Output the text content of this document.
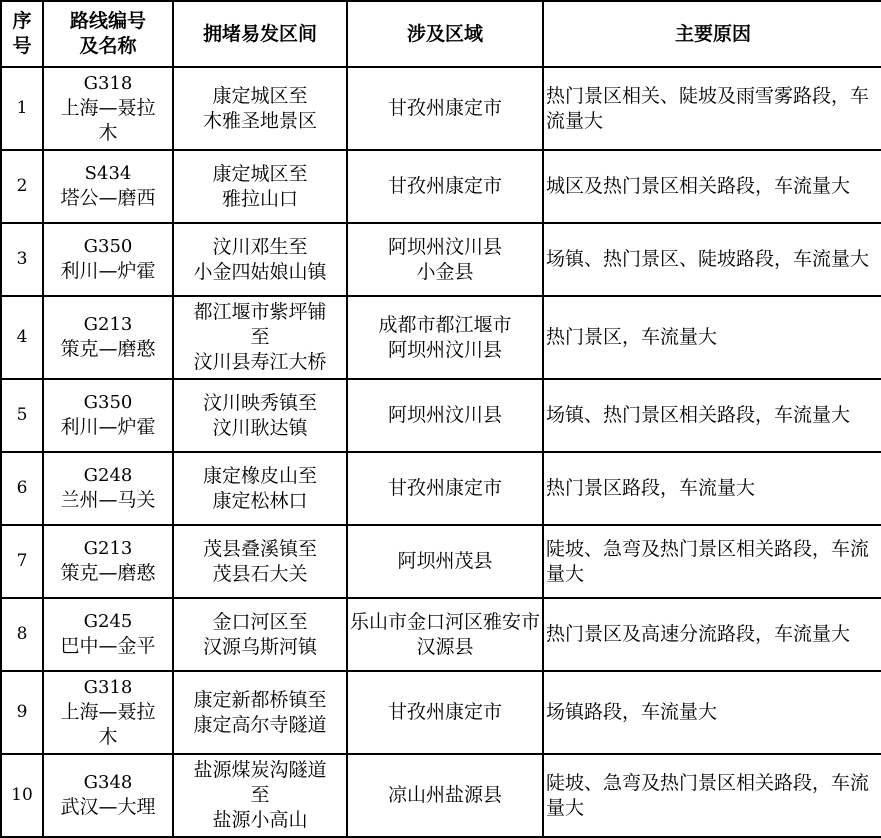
序
号	路线编号
及名称	拥堵易发区间	涉及区域	主要原因
1	G318
上海—聂拉
木	康定城区至
木雅圣地景区	甘孜州康定市	热门景区相关、陡坡及雨雪雾路段，车流量大
2	S434
塔公—磨西	康定城区至
雅拉山口	甘孜州康定市	城区及热门景区相关路段，车流量大
3	G350
利川—炉霍	汶川邓生至
小金四姑娘山镇	阿坝州汶川县
小金县	场镇、热门景区、陡坡路段，车流量大
4	G213
策克—磨憨	都江堰市紫坪铺
至
汶川县寿江大桥	成都市都江堰市
阿坝州汶川县	热门景区，车流量大
5	G350
利川—炉霍	汶川映秀镇至
汶川耿达镇	阿坝州汶川县	场镇、热门景区相关路段，车流量大
6	G248
兰州—马关	康定橡皮山至
康定松林口	甘孜州康定市	热门景区路段，车流量大
7	G213
策克—磨憨	茂县叠溪镇至
茂县石大关	阿坝州茂县	陡坡、急弯及热门景区相关路段，车流量大
8	G245
巴中—金平	金口河区至
汉源乌斯河镇	乐山市金口河区雅安市汉源县	热门景区及高速分流路段，车流量大
9	G318
上海—聂拉
木	康定新都桥镇至
康定高尔寺隧道	甘孜州康定市	场镇路段，车流量大
10	G348
武汉—大理	盐源煤炭沟隧道
至
盐源小高山	凉山州盐源县	陡坡、急弯及热门景区相关路段，车流量大
